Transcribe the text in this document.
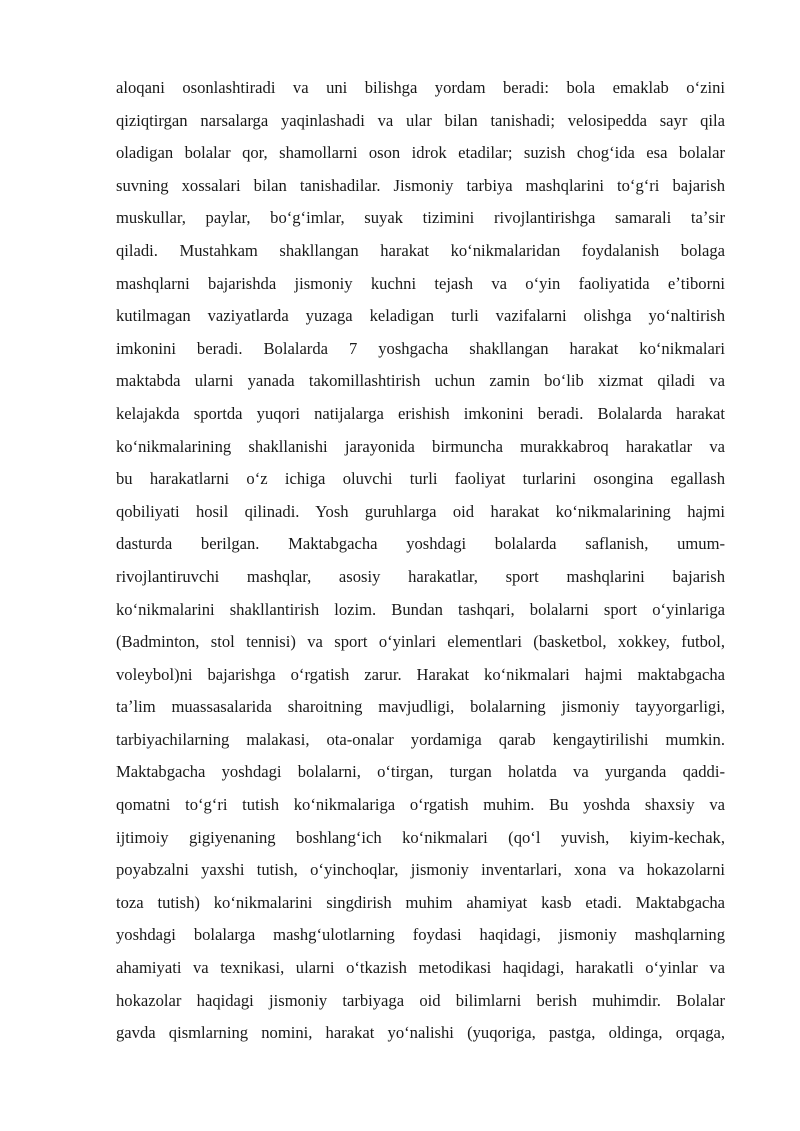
aloqani osonlashtiradi va uni bilishga yordam beradi: bola emaklab oʻzini
qiziqtirgan narsalarga yaqinlashadi va ular bilan tanishadi; velosipedda sayr qila
oladigan bolalar qor, shamollarni oson idrok etadilar; suzish chogʻida esa bolalar
suvning xossalari bilan tanishadilar. Jismoniy tarbiya mashqlarini toʻgʻri bajarish
muskullar, paylar, boʻgʻimlar, suyak tizimini rivojlantirishga samarali taʼsir
qiladi. Mustahkam shakllangan harakat koʻnikmalaridan foydalanish bolaga
mashqlarni bajarishda jismoniy kuchni tejash va oʻyin faoliyatida eʼtiborni
kutilmagan vaziyatlarda yuzaga keladigan turli vazifalarni olishga yoʻnaltirish
imkonini beradi. Bolalarda 7 yoshgacha shakllangan harakat koʻnikmalari
maktabda ularni yanada takomillashtirish uchun zamin boʻlib xizmat qiladi va
kelajakda sportda yuqori natijalarga erishish imkonini beradi. Bolalarda harakat
koʻnikmalarining shakllanishi jarayonida birmuncha murakkabroq harakatlar va
bu harakatlarni oʻz ichiga oluvchi turli faoliyat turlarini osongina egallash
qobiliyati hosil qilinadi. Yosh guruhlarga oid harakat koʻnikmalarining hajmi
dasturda berilgan. Maktabgacha yoshdagi bolalarda saflanish, umum-
rivojlantiruvchi mashqlar, asosiy harakatlar, sport mashqlarini bajarish
koʻnikmalarini shakllantirish lozim. Bundan tashqari, bolalarni sport oʻyinlariga
(Badminton, stol tennisi) va sport oʻyinlari elementlari (basketbol, xokkey, futbol,
voleybol)ni bajarishga oʻrgatish zarur. Harakat koʻnikmalari hajmi maktabgacha
taʼlim muassasalarida sharoitning mavjudligi, bolalarning jismoniy tayyorgarligi,
tarbiyachilarning malakasi, ota-onalar yordamiga qarab kengaytirilishi mumkin.
Maktabgacha yoshdagi bolalarni, oʻtirgan, turgan holatda va yurganda qaddi-
qomatni toʻgʻri tutish koʻnikmalariga oʻrgatish muhim. Bu yoshda shaxsiy va
ijtimoiy gigiyenaning boshlangʻich koʻnikmalari (qoʻl yuvish, kiyim-kechak,
poyabzalni yaxshi tutish, oʻyinchoqlar, jismoniy inventarlari, xona va hokazolarni
toza tutish) koʻnikmalarini singdirish muhim ahamiyat kasb etadi. Maktabgacha
yoshdagi bolalarga mashgʻulotlarning foydasi haqidagi, jismoniy mashqlarning
ahamiyati va texnikasi, ularni oʻtkazish metodikasi haqidagi, harakatli oʻyinlar va
hokazolar haqidagi jismoniy tarbiyaga oid bilimlarni berish muhimdir. Bolalar
gavda qismlarning nomini, harakat yoʻnalishi (yuqoriga, pastga, oldinga, orqaga,
